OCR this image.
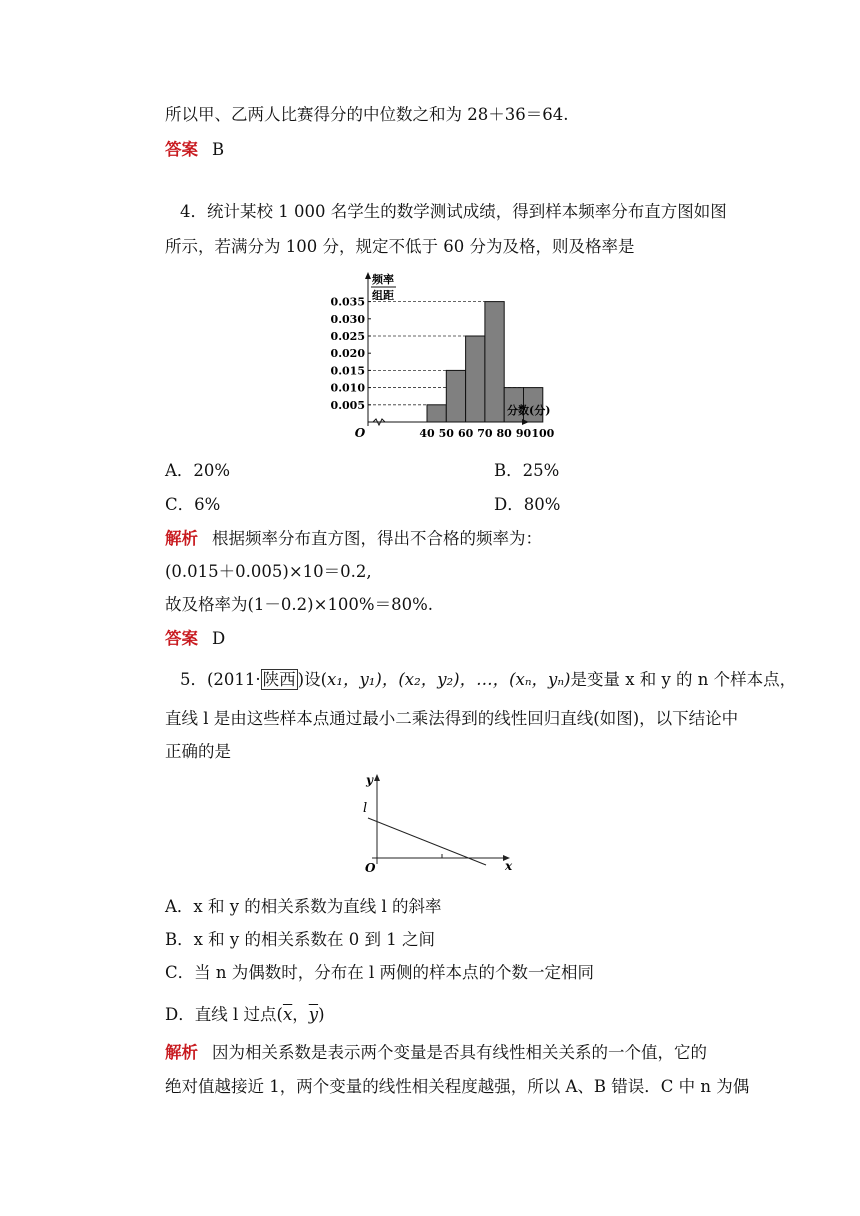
所以甲、乙两人比赛得分的中位数之和为 28＋36＝64.
答案 B
4．统计某校 1 000 名学生的数学测试成绩，得到样本频率分布直方图如图
所示，若满分为 100 分，规定不低于 60 分为及格，则及格率是
0.005
0.010
0.015
0.020
0.025
0.030
0.035
40 50 60 70 80 90 100
O
频率
组距
分数(分)
A．20%	B．25%
C．6%	D．80%
解析 根据频率分布直方图，得出不合格的频率为：
(0.015＋0.005)×10＝0.2,
故及格率为(1－0.2)×100%＝80%.
答案 D
5．(2011· 陕西 )设(x₁，y₁)，(x₂，y₂)，…，(xₙ，yₙ)是变量 x 和 y 的 n 个样本点，
直线 l 是由这些样本点通过最小二乘法得到的线性回归直线(如图)，以下结论中
正确的是
y
l
O	x
A．x 和 y 的相关系数为直线 l 的斜率
B．x 和 y 的相关系数在 0 到 1 之间
C．当 n 为偶数时，分布在 l 两侧的样本点的个数一定相同
D．直线 l 过点($\overline{x}$，$\overline{y}$)
解析 因为相关系数是表示两个变量是否具有线性相关关系的一个值，它的
绝对值越接近 1，两个变量的线性相关程度越强，所以 A、B 错误．C 中 n 为偶
